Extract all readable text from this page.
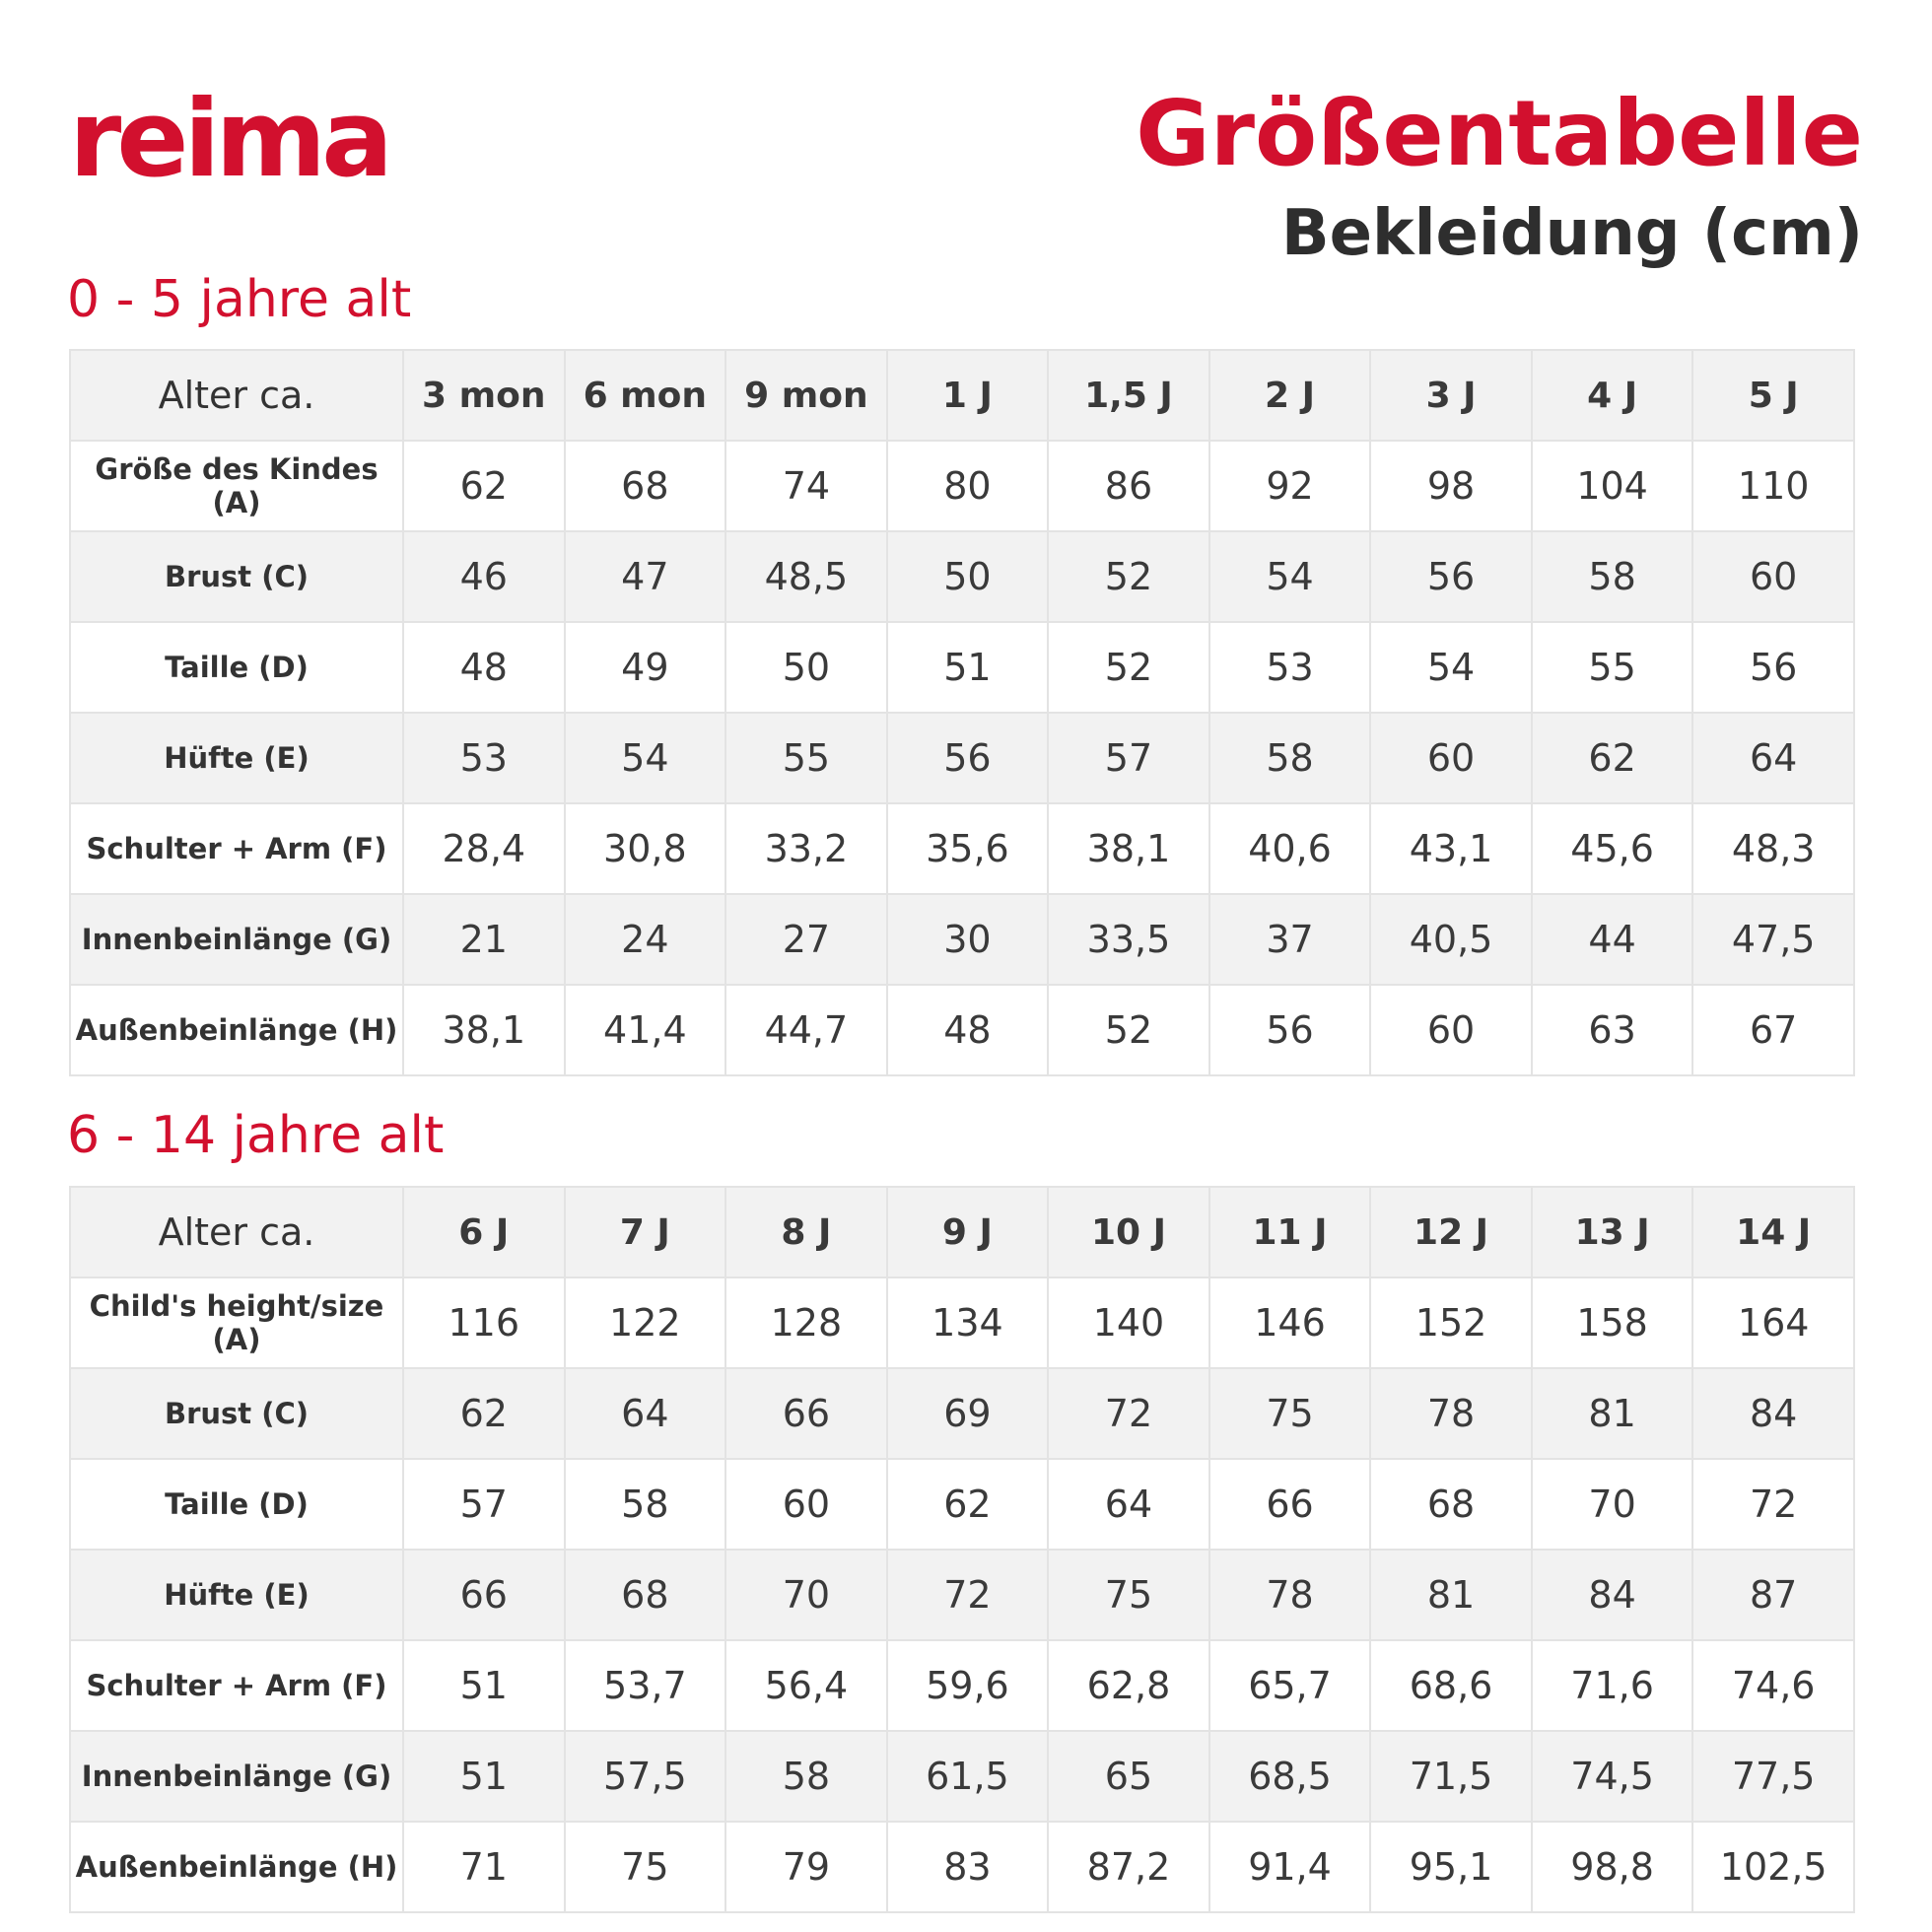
reima	Größentabelle
Bekleidung (cm)
0 - 5 jahre alt
Alter ca.	3 mon	6 mon	9 mon	1 J	1,5 J	2 J	3 J	4 J	5 J
Größe des Kindes (A)	62	68	74	80	86	92	98	104	110
Brust (C)	46	47	48,5	50	52	54	56	58	60
Taille (D)	48	49	50	51	52	53	54	55	56
Hüfte (E)	53	54	55	56	57	58	60	62	64
Schulter + Arm (F)	28,4	30,8	33,2	35,6	38,1	40,6	43,1	45,6	48,3
Innenbeinlänge (G)	21	24	27	30	33,5	37	40,5	44	47,5
Außenbeinlänge (H)	38,1	41,4	44,7	48	52	56	60	63	67
6 - 14 jahre alt
Alter ca.	6 J	7 J	8 J	9 J	10 J	11 J	12 J	13 J	14 J
Child's height/size (A)	116	122	128	134	140	146	152	158	164
Brust (C)	62	64	66	69	72	75	78	81	84
Taille (D)	57	58	60	62	64	66	68	70	72
Hüfte (E)	66	68	70	72	75	78	81	84	87
Schulter + Arm (F)	51	53,7	56,4	59,6	62,8	65,7	68,6	71,6	74,6
Innenbeinlänge (G)	51	57,5	58	61,5	65	68,5	71,5	74,5	77,5
Außenbeinlänge (H)	71	75	79	83	87,2	91,4	95,1	98,8	102,5
